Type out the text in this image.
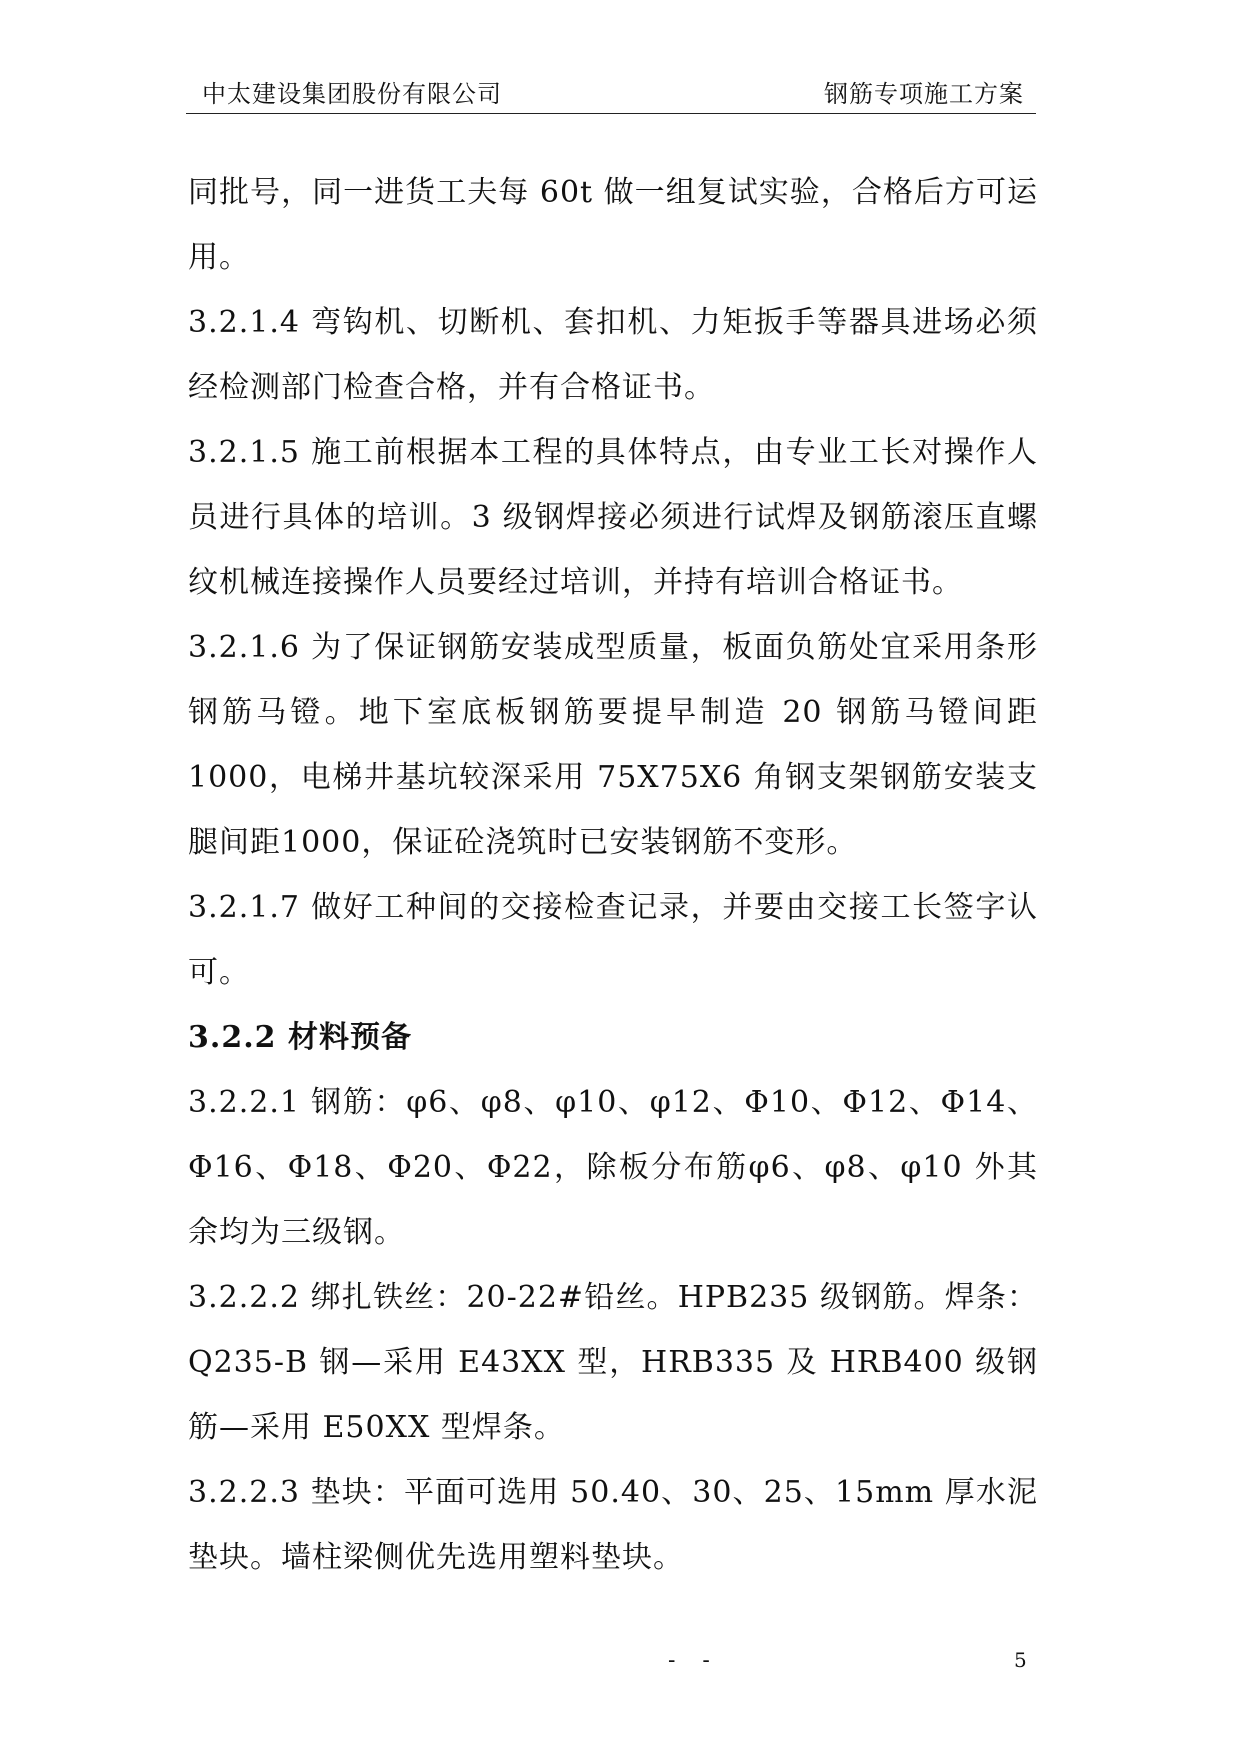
中太建设集团股份有限公司	钢筋专项施工方案

同批号，同一进货工夫每 60t 做一组复试实验，合格后方可运用。

3.2.1.4 弯钩机、切断机、套扣机、力矩扳手等器具进场必须经检测部门检查合格，并有合格证书。

3.2.1.5 施工前根据本工程的具体特点，由专业工长对操作人员进行具体的培训。3 级钢焊接必须进行试焊及钢筋滚压直螺纹机械连接操作人员要经过培训，并持有培训合格证书。

3.2.1.6 为了保证钢筋安装成型质量，板面负筋处宜采用条形钢筋马镫。地下室底板钢筋要提早制造 20 钢筋马镫间距 1000，电梯井基坑较深采用 75X75X6 角钢支架钢筋安装支腿间距1000，保证砼浇筑时已安装钢筋不变形。

3.2.1.7 做好工种间的交接检查记录，并要由交接工长签字认可。

3.2.2 材料预备

3.2.2.1 钢筋：φ6、φ8、φ10、φ12、Φ10、Φ12、Φ14、Φ16、Φ18、Φ20、Φ22，除板分布筋φ6、φ8、φ10 外其余均为三级钢。

3.2.2.2 绑扎铁丝：20-22#铅丝。HPB235 级钢筋。焊条：Q235-B 钢—采用 E43XX 型，HRB335 及 HRB400 级钢筋—采用 E50XX 型焊条。

3.2.2.3 垫块：平面可选用 50.40、30、25、15mm 厚水泥垫块。墙柱梁侧优先选用塑料垫块。

- -	5
